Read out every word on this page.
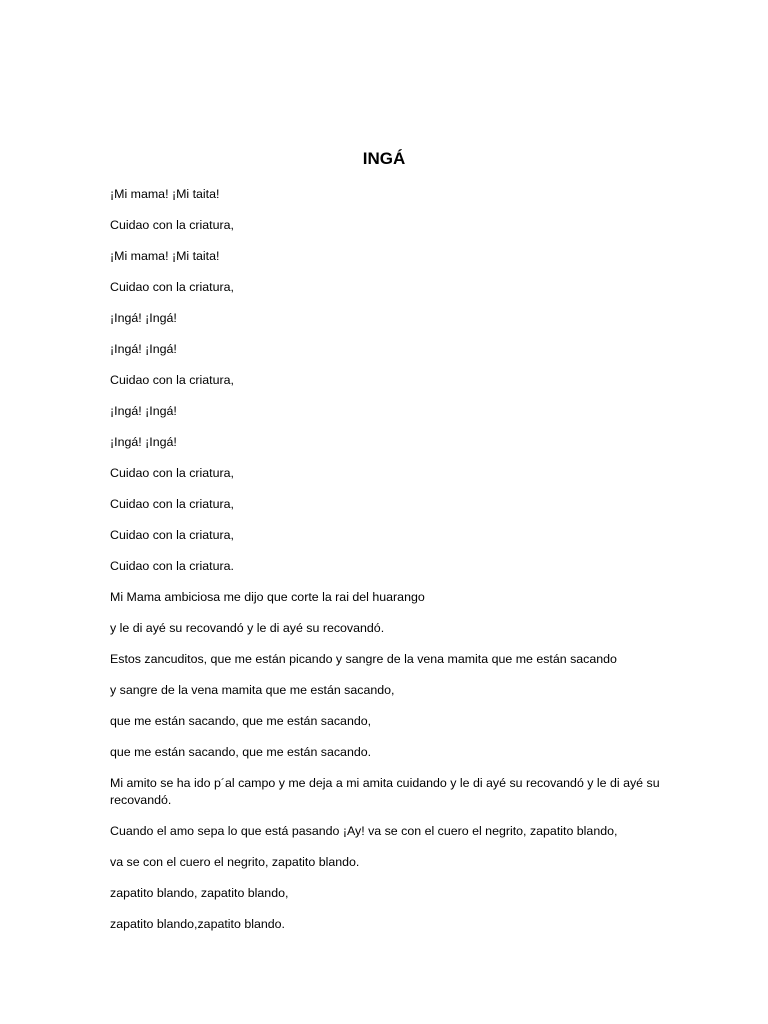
INGÁ
¡Mi mama! ¡Mi taita!
Cuidao con la criatura,
¡Mi mama! ¡Mi taita!
Cuidao con la criatura,
¡Ingá! ¡Ingá!
¡Ingá! ¡Ingá!
Cuidao con la criatura,
¡Ingá! ¡Ingá!
¡Ingá! ¡Ingá!
Cuidao con la criatura,
Cuidao con la criatura,
Cuidao con la criatura,
Cuidao con la criatura.
Mi Mama ambiciosa me dijo que corte la rai del huarango
y le di ayé su recovandó y le di ayé su recovandó.
Estos zancuditos, que me están picando y sangre de la vena mamita que me están sacando
y sangre de la vena mamita que me están sacando,
que me están sacando, que me están sacando,
que me están sacando, que me están sacando.
Mi amito se ha ido p´al campo y me deja a mi amita cuidando y le di ayé su recovandó y le di ayé su recovandó.
Cuando el amo sepa lo que está pasando ¡Ay! va se con el cuero el negrito, zapatito blando,
va se con el cuero el negrito, zapatito blando.
zapatito blando, zapatito blando,
zapatito blando,zapatito blando.
